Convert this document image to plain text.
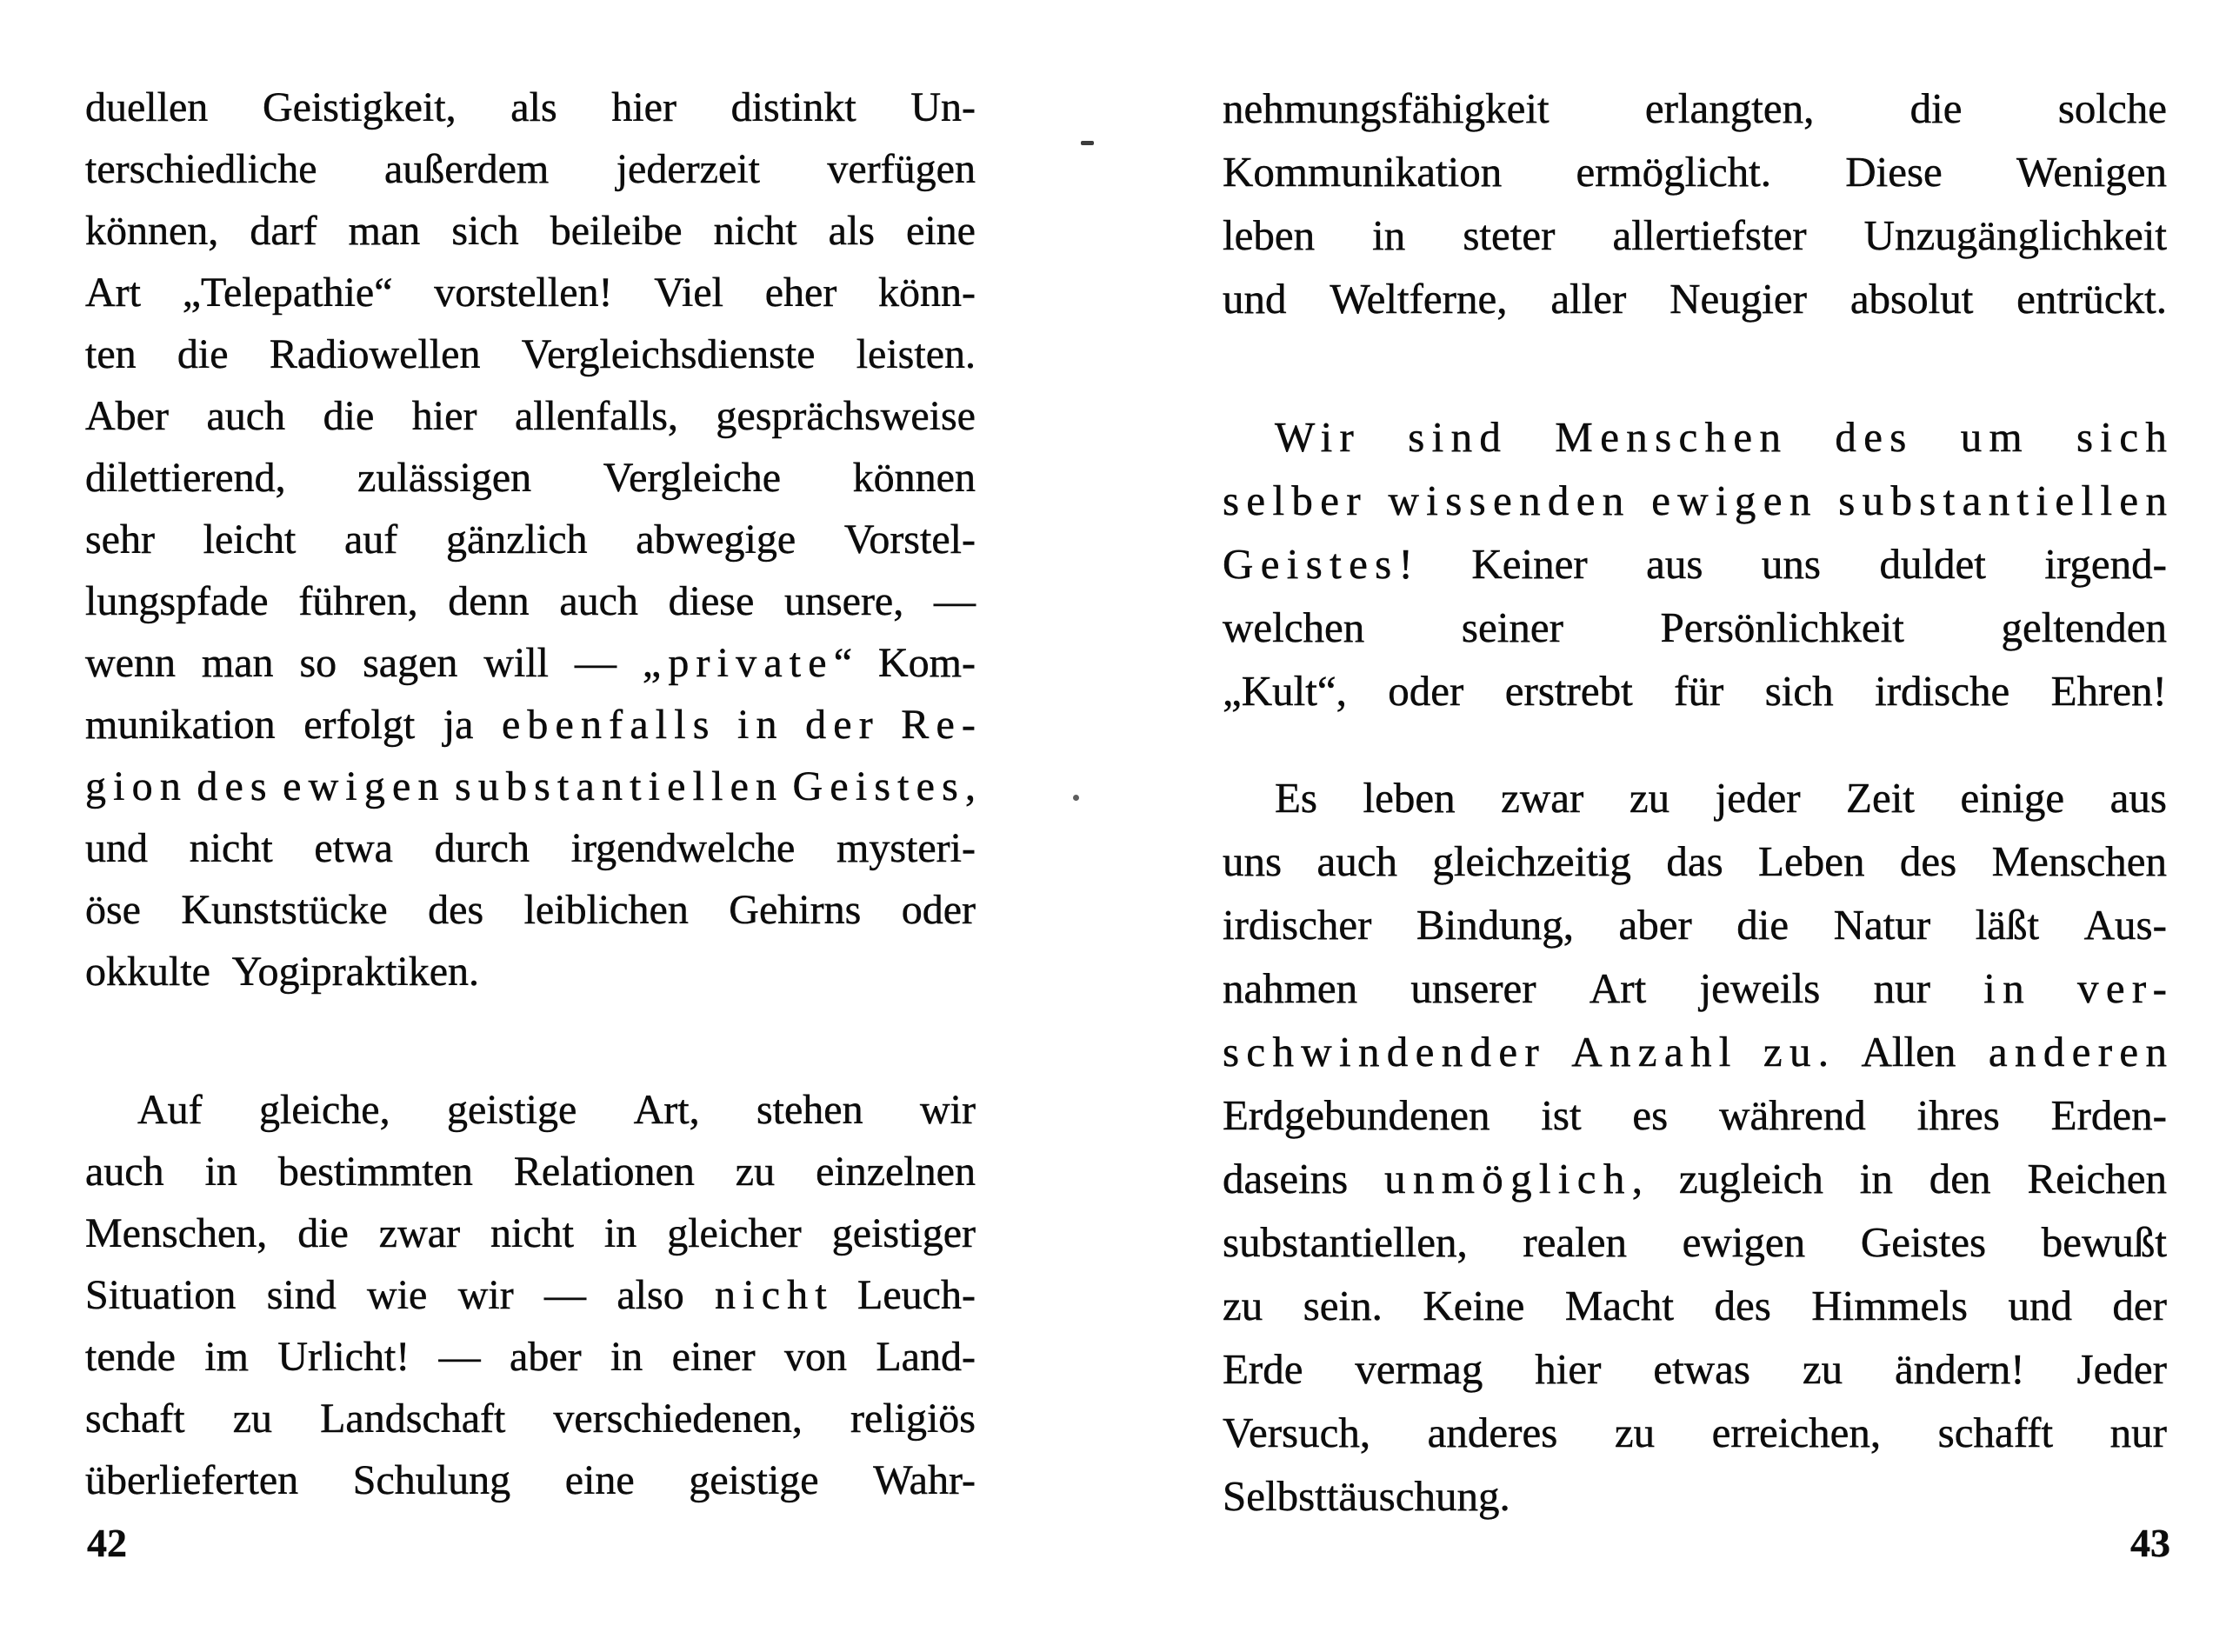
duellen Geistigkeit, als hier distinkt Un-
terschiedliche außerdem jederzeit verfügen
können, darf man sich beileibe nicht als eine
Art „Telepathie“ vorstellen! Viel eher könn-
ten die Radiowellen Vergleichsdienste leisten.
Aber auch die hier allenfalls, gesprächsweise
dilettierend, zulässigen Vergleiche können
sehr leicht auf gänzlich abwegige Vorstel-
lungspfade führen, denn auch diese unsere, —
wenn man so sagen will — „private“ Kom-
munikation erfolgt ja ebenfalls in der Re-
gion des ewigen substantiellen Geistes,
und nicht etwa durch irgendwelche mysteri-
öse Kunststücke des leiblichen Gehirns oder
okkulte Yogipraktiken.
Auf gleiche, geistige Art, stehen wir
auch in bestimmten Relationen zu einzelnen
Menschen, die zwar nicht in gleicher geistiger
Situation sind wie wir — also nicht Leuch-
tende im Urlicht! — aber in einer von Land-
schaft zu Landschaft verschiedenen, religiös
überlieferten Schulung eine geistige Wahr-
nehmungsfähigkeit erlangten, die solche
Kommunikation ermöglicht. Diese Wenigen
leben in steter allertiefster Unzugänglichkeit
und Weltferne, aller Neugier absolut entrückt.
Wir sind Menschen des um sich
selber wissenden ewigen substantiellen
Geistes! Keiner aus uns duldet irgend-
welchen seiner Persönlichkeit geltenden
„Kult“, oder erstrebt für sich irdische Ehren!
Es leben zwar zu jeder Zeit einige aus
uns auch gleichzeitig das Leben des Menschen
irdischer Bindung, aber die Natur läßt Aus-
nahmen unserer Art jeweils nur in ver-
schwindender Anzahl zu. Allen anderen
Erdgebundenen ist es während ihres Erden-
daseins unmöglich, zugleich in den Reichen
substantiellen, realen ewigen Geistes bewußt
zu sein. Keine Macht des Himmels und der
Erde vermag hier etwas zu ändern! Jeder
Versuch, anderes zu erreichen, schafft nur
Selbsttäuschung.
42	43
